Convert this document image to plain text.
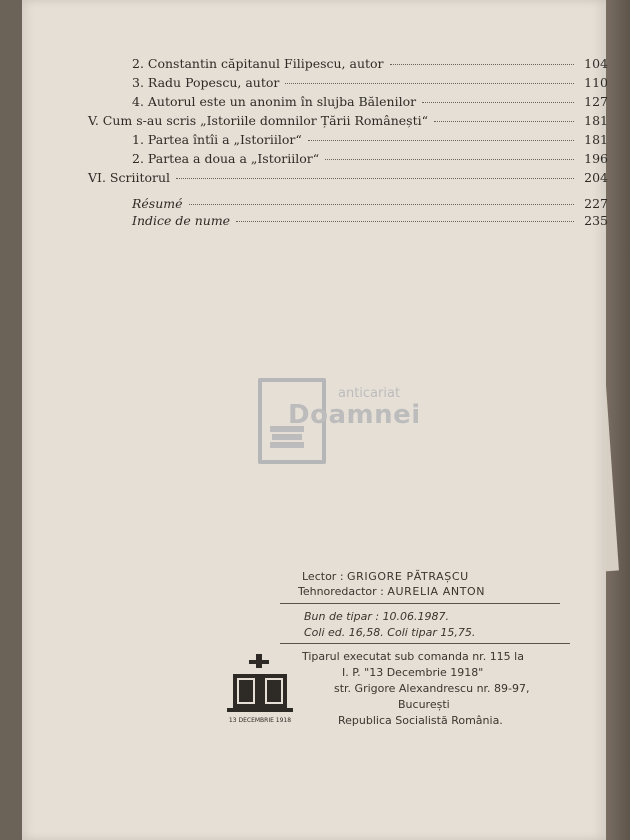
2. Constantin căpitanul Filipescu, autor	104
3. Radu Popescu, autor	110
4. Autorul este un anonim în slujba Bălenilor	127
V. Cum s-au scris „Istoriile domnilor Țării Românești“	181
1. Partea întîi a „Istoriilor“	181
2. Partea a doua a „Istoriilor“	196
VI. Scriitorul	204
Résumé	227
Indice de nume	235
anticariat
Doamnei
Lector : GRIGORE PĂTRAȘCU
Tehnoredactor : AURELIA ANTON
Bun de tipar : 10.06.1987.
Coli ed. 16,58. Coli tipar 15,75.
Tiparul executat sub comanda nr. 115 la
I. P. "13 Decembrie 1918"
str. Grigore Alexandrescu nr. 89-97,
București
Republica Socialistă România.
13 DECEMBRIE 1918
